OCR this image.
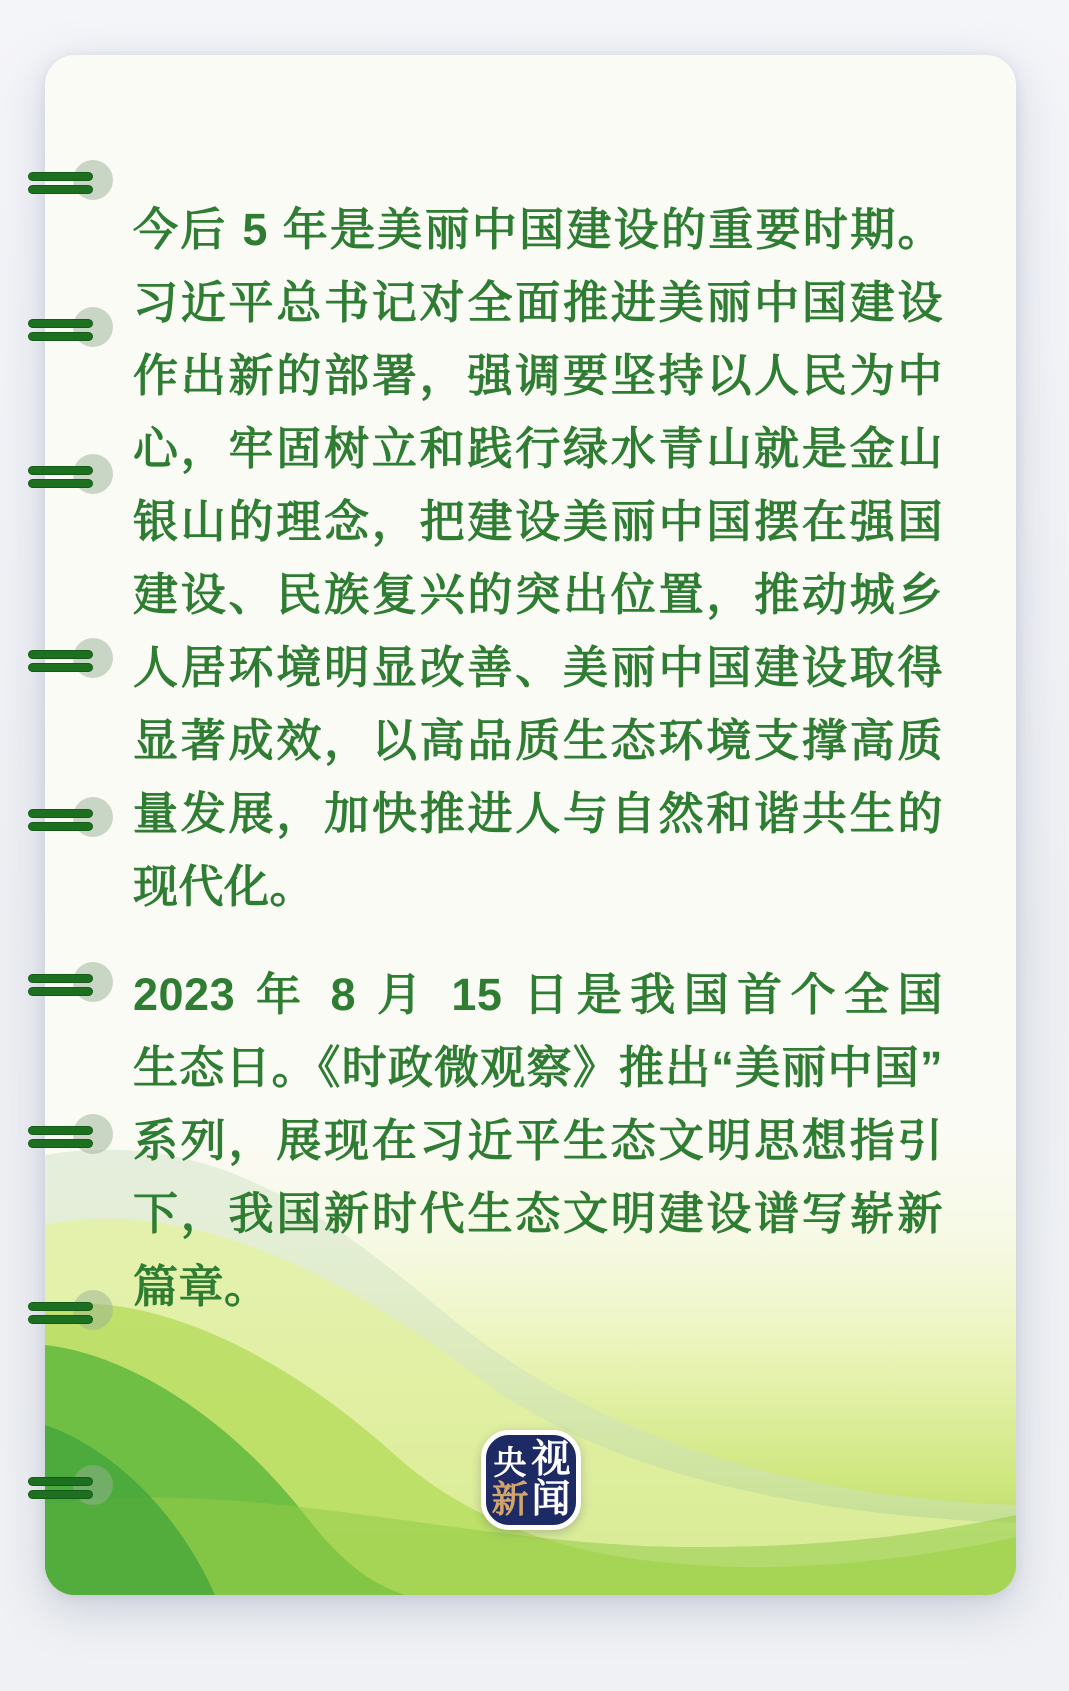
今后 5 年是美丽中国建设的重要时期。
习近平总书记对全面推进美丽中国建设
作出新的部署，强调要坚持以人民为中
心，牢固树立和践行绿水青山就是金山
银山的理念，把建设美丽中国摆在强国
建设、民族复兴的突出位置，推动城乡
人居环境明显改善、美丽中国建设取得
显著成效，以高品质生态环境支撑高质
量发展，加快推进人与自然和谐共生的
现代化。
2023 年 8 月 15 日是我国首个全国
生态日。《时政微观察》推出“美丽中国”
系列，展现在习近平生态文明思想指引
下，我国新时代生态文明建设谱写崭新
篇章。
央 视
新 闻
